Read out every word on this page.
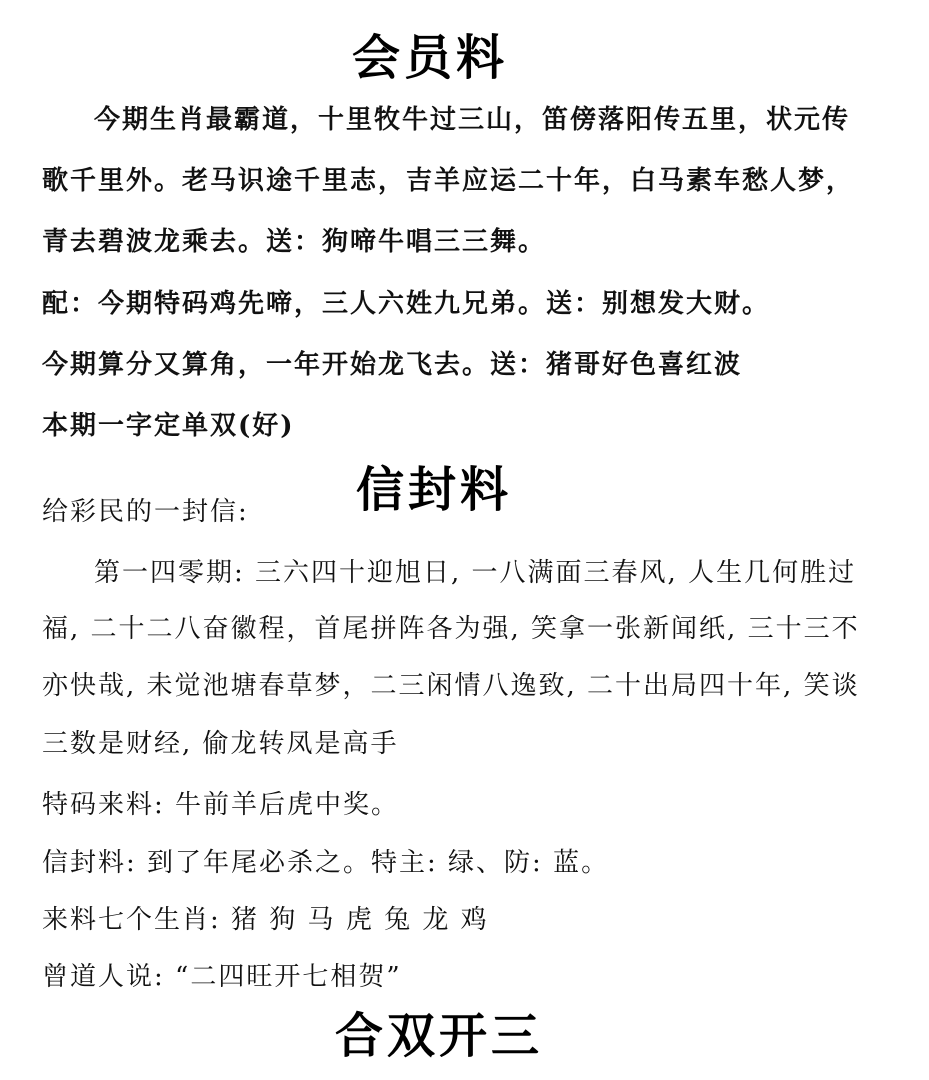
会员料
今期生肖最霸道，十里牧牛过三山，笛傍落阳传五里，状元传
歌千里外。老马识途千里志，吉羊应运二十年，白马素车愁人梦，
青去碧波龙乘去。送：狗啼牛唱三三舞。
配：今期特码鸡先啼，三人六姓九兄弟。送：别想发大财。
今期算分又算角，一年开始龙飞去。送：猪哥好色喜红波
本期一字定单双(好)
信封料
给彩民的一封信:
第一四零期: 三六四十迎旭日, 一八满面三春风, 人生几何胜过
福, 二十二八奋徽程，首尾拼阵各为强, 笑拿一张新闻纸, 三十三不
亦快哉, 未觉池塘春草梦，二三闲情八逸致, 二十出局四十年, 笑谈
三数是财经, 偷龙转凤是高手
特码来料: 牛前羊后虎中奖。
信封料: 到了年尾必杀之。特主: 绿、防: 蓝。
来料七个生肖: 猪 狗 马 虎 兔 龙 鸡
曾道人说: “二四旺开七相贺”
合双开三
